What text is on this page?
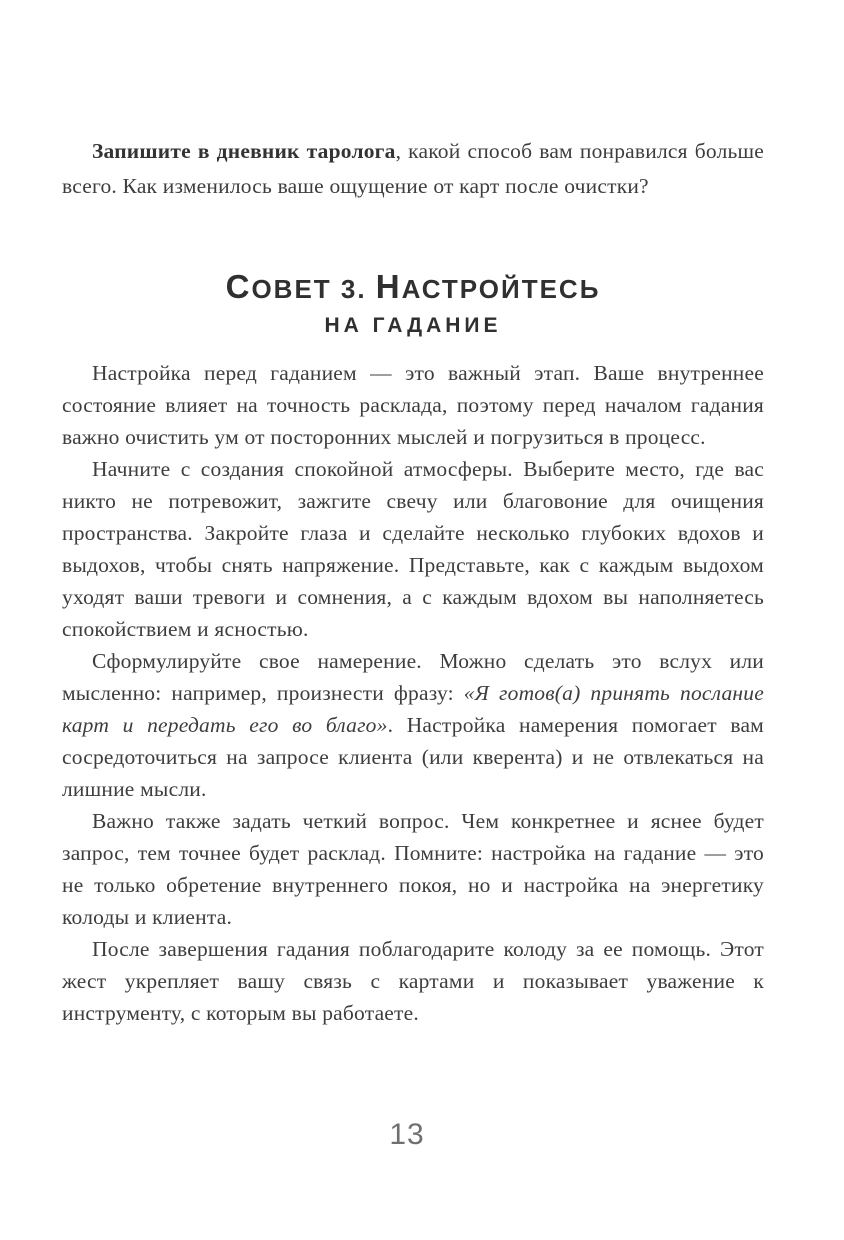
Запишите в дневник таролога, какой способ вам понравился больше всего. Как изменилось ваше ощущение от карт после очистки?

СОВЕТ 3. НАСТРОЙТЕСЬ
НА ГАДАНИЕ

Настройка перед гаданием — это важный этап. Ваше внутреннее состояние влияет на точность расклада, поэтому перед началом гадания важно очистить ум от посторонних мыслей и погрузиться в процесс.

Начните с создания спокойной атмосферы. Выберите место, где вас никто не потревожит, зажгите свечу или благовоние для очищения пространства. Закройте глаза и сделайте несколько глубоких вдохов и выдохов, чтобы снять напряжение. Представьте, как с каждым выдохом уходят ваши тревоги и сомнения, а с каждым вдохом вы наполняетесь спокойствием и ясностью.

Сформулируйте свое намерение. Можно сделать это вслух или мысленно: например, произнести фразу: «Я готов(а) принять послание карт и передать его во благо». Настройка намерения помогает вам сосредоточиться на запросе клиента (или кверента) и не отвлекаться на лишние мысли.

Важно также задать четкий вопрос. Чем конкретнее и яснее будет запрос, тем точнее будет расклад. Помните: настройка на гадание — это не только обретение внутреннего покоя, но и настройка на энергетику колоды и клиента.

После завершения гадания поблагодарите колоду за ее помощь. Этот жест укрепляет вашу связь с картами и показывает уважение к инструменту, с которым вы работаете.

13
